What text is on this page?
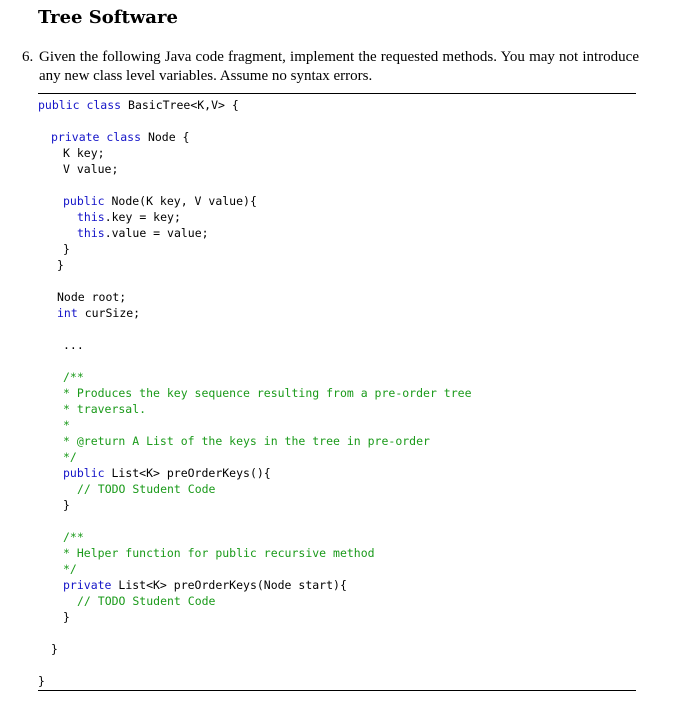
Tree Software
6. Given the following Java code fragment, implement the requested methods. You may not introduce any new class level variables. Assume no syntax errors.
public class BasicTree<K,V> {
private class Node {
K key;
V value;
public Node(K key, V value){
this.key = key;
this.value = value;
}
}
Node root;
int curSize;
...
/**
* Produces the key sequence resulting from a pre-order tree
* traversal.
*
* @return A List of the keys in the tree in pre-order
*/
public List<K> preOrderKeys(){
// TODO Student Code
}
/**
* Helper function for public recursive method
*/
private List<K> preOrderKeys(Node start){
// TODO Student Code
}
}
}
